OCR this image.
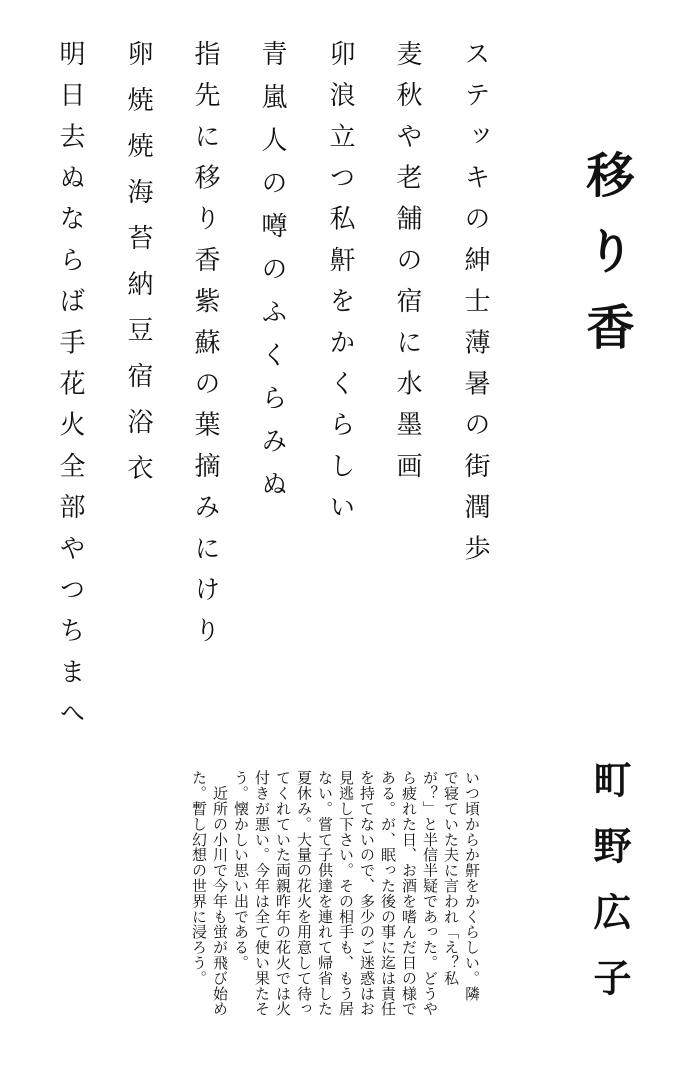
移り香
ステッキの紳士薄暑の街潤歩
麦秋や老舗の宿に水墨画
卯浪立つ私鼾をかくらしい
青嵐人の噂のふくらみぬ
指先に移り香紫蘇の葉摘みにけり
卵焼焼海苔納豆宿浴衣
明日去ぬならば手花火全部やつちまへ
町野広子
いつ頃からか鼾をかくらしい。隣
で寝ていた夫に言われ「え？私
が？」と半信半疑であった。どうや
ら疲れた日、お酒を嗜んだ日の様で
ある。が、眠った後の事に迄は責任
を持てないので、多少のご迷惑はお
見逃し下さい。その相手も、もう居
ない。嘗て子供達を連れて帰省した
夏休み。大量の花火を用意して待っ
てくれていた両親昨年の花火では火
付きが悪い。今年は全て使い果たそ
う。懐かしい思い出である。
　近所の小川で今年も蛍が飛び始め
た。暫し幻想の世界に浸ろう。
